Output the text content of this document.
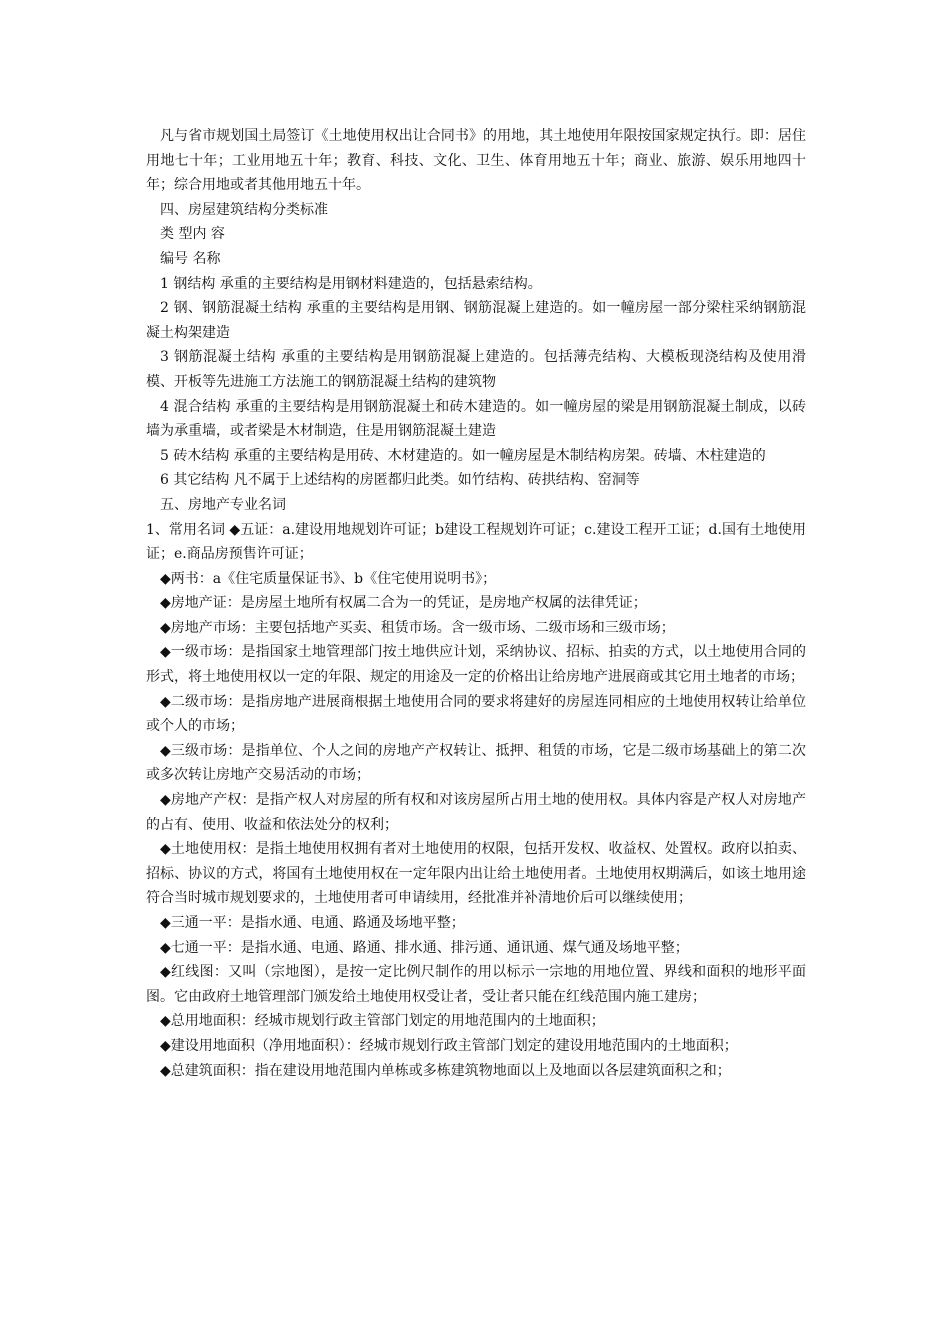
凡与省市规划国土局签订《土地使用权出让合同书》的用地，其土地使用年限按国家规定执行。即：居住用地七十年；工业用地五十年；教育、科技、文化、卫生、体育用地五十年；商业、旅游、娱乐用地四十年；综合用地或者其他用地五十年。

四、房屋建筑结构分类标准

类 型内 容

编号 名称

1 钢结构 承重的主要结构是用钢材料建造的，包括悬索结构。

2 钢、钢筋混凝土结构 承重的主要结构是用钢、钢筋混凝上建造的。如一幢房屋一部分梁柱采纳钢筋混凝土构架建造

3 钢筋混凝土结构 承重的主要结构是用钢筋混凝上建造的。包括薄壳结构、大模板现浇结构及使用滑模、开板等先进施工方法施工的钢筋混凝土结构的建筑物

4 混合结构 承重的主要结构是用钢筋混凝土和砖木建造的。如一幢房屋的梁是用钢筋混凝土制成，以砖墙为承重墙，或者梁是木材制造，住是用钢筋混凝土建造

5 砖木结构 承重的主要结构是用砖、木材建造的。如一幢房屋是木制结构房架。砖墙、木柱建造的

6 其它结构 凡不属于上述结构的房匿都归此类。如竹结构、砖拱结构、窑洞等

五、房地产专业名词

1、常用名词 ◆五证：a.建设用地规划许可证；b建设工程规划许可证；c.建设工程开工证；d.国有土地使用证；e.商品房预售许可证；

◆两书：a《住宅质量保证书》、b《住宅使用说明书》；

◆房地产证：是房屋土地所有权属二合为一的凭证，是房地产权属的法律凭证；

◆房地产市场：主要包括地产买卖、租赁市场。含一级市场、二级市场和三级市场；

◆一级市场：是指国家土地管理部门按土地供应计划，采纳协议、招标、拍卖的方式，以土地使用合同的形式，将土地使用权以一定的年限、规定的用途及一定的价格出让给房地产进展商或其它用土地者的市场；

◆二级市场：是指房地产进展商根据土地使用合同的要求将建好的房屋连同相应的土地使用权转让给单位或个人的市场；

◆三级市场：是指单位、个人之间的房地产产权转让、抵押、租赁的市场，它是二级市场基础上的第二次或多次转让房地产交易活动的市场；

◆房地产产权：是指产权人对房屋的所有权和对该房屋所占用土地的使用权。具体内容是产权人对房地产的占有、使用、收益和依法处分的权利；

◆土地使用权：是指土地使用权拥有者对土地使用的权限，包括开发权、收益权、处置权。政府以拍卖、招标、协议的方式，将国有土地使用权在一定年限内出让给土地使用者。土地使用权期满后，如该土地用途符合当时城市规划要求的，土地使用者可申请续用，经批准并补清地价后可以继续使用；

◆三通一平：是指水通、电通、路通及场地平整；

◆七通一平：是指水通、电通、路通、排水通、排污通、通讯通、煤气通及场地平整；

◆红线图：又叫（宗地图），是按一定比例尺制作的用以标示一宗地的用地位置、界线和面积的地形平面图。它由政府土地管理部门颁发给土地使用权受让者，受让者只能在红线范围内施工建房；

◆总用地面积：经城市规划行政主管部门划定的用地范围内的土地面积；

◆建设用地面积（净用地面积）：经城市规划行政主管部门划定的建设用地范围内的土地面积；

◆总建筑面积：指在建设用地范围内单栋或多栋建筑物地面以上及地面以各层建筑面积之和；
